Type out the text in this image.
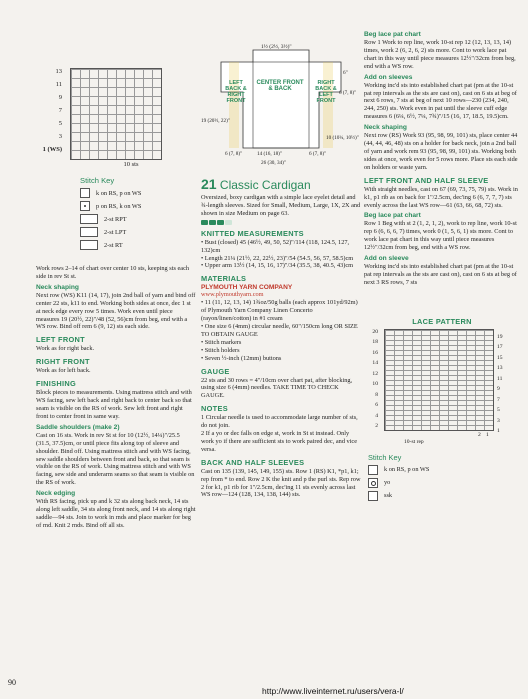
13
11
9
7
5
3
1 (WS)
10 sts
Stitch Key
k on RS, p on WS
p on RS, k on WS
2-st RPT
2-st LPT
2-st RT

Work rows 2–14 of chart over center 10 sts, keeping sts each side in rev St st.

Neck shaping

Next row (WS) K11 (14, 17), join 2nd ball of yarn and bind off center 22 sts, k11 to end. Working both sides at once, dec 1 st at neck edge every row 5 times. Work even until piece measures 19 (20½, 22)"/48 (52, 56)cm from beg, end with a WS row. Bind off rem 6 (9, 12) sts each side.

LEFT FRONT

Work as for right back.

RIGHT FRONT

Work as for left back.

FINISHING

Block pieces to measurements. Using mattress stitch and with WS facing, sew left back and right back to center back so that seam is visible on the RS of work. Sew left front and right front to center front in same way.

Saddle shoulders (make 2)

Cast on 16 sts. Work in rev St st for 10 (12½, 14¼)"/25.5 (31.5, 37.5)cm, or until piece fits along top of sleeve and shoulder. Bind off. Using mattress stitch and with WS facing, sew saddle shoulders between front and back, so that seam is visible on the RS of work. Using mattress stitch and with WS facing, sew side and underarm seams so that seam is visible on the RS of work.

Neck edging

With RS facing, pick up and k 32 sts along back neck, 14 sts along left saddle, 34 sts along front neck, and 14 sts along right saddle—94 sts. Join to work in rnds and place marker for beg of rnd. Knit 2 rnds. Bind off all sts.

1½ (2½, 3½)"
LEFT BACK & RIGHT FRONT
CENTER FRONT & BACK
RIGHT BACK & LEFT FRONT
19 (20½, 22)"
10 (10¼, 10½)"
6"
6 (7, 8)"
6 (7, 8)"	14 (16, 18)"	6 (7, 8)"
26 (30, 34)"
21 Classic Cardigan

Oversized, boxy cardigan with a simple lace eyelet detail and ¾-length sleeves. Sized for Small, Medium, Large, 1X, 2X and shown in size Medium on page 63.

KNITTED MEASUREMENTS

• Bust (closed) 45 (46½, 49, 50, 52)"/114 (118, 124.5, 127, 132)cm

• Length 21¼ (21½, 22, 22½, 23)"/54 (54.5, 56, 57, 58.5)cm

• Upper arm 13½ (14, 15, 16, 17)"/34 (35.5, 38, 40.5, 43)cm

MATERIALS
PLYMOUTH YARN COMPANY
www.plymouthyarn.com

• 11 (11, 12, 13, 14) 1¾oz/50g balls (each approx 101yd/92m) of Plymouth Yarn Company Linen Concerto (rayon/linen/cotton) in #1 cream

• One size 6 (4mm) circular needle, 60"/150cm long OR SIZE TO OBTAIN GAUGE

• Stitch markers

• Stitch holders

• Seven ½-inch (12mm) buttons

GAUGE

22 sts and 30 rows = 4"/10cm over chart pat, after blocking, using size 6 (4mm) needles. TAKE TIME TO CHECK GAUGE.

NOTES

1 Circular needle is used to accommodate large number of sts, do not join.

2 If a yo or dec falls on edge st, work in St st instead. Only work yo if there are sufficient sts to work paired dec, and vice versa.

BACK AND HALF SLEEVES

Cast on 135 (139, 145, 149, 155) sts. Row 1 (RS) K1, *p1, k1; rep from * to end. Row 2 K the knit and p the purl sts. Rep row 2 for k1, p1 rib for 1"/2.5cm, dec'ing 11 sts evenly across last WS row—124 (128, 134, 138, 144) sts.

Beg lace pat chart

Row 1 Work to rep line, work 10-st rep 12 (12, 13, 13, 14) times, work 2 (6, 2, 6, 2) sts more. Cont to work lace pat chart in this way until piece measures 12½"/32cm from beg, end with a WS row.

Add on sleeves

Working inc'd sts into established chart pat (pm at the 10-st pat rep intervals as the sts are cast on), cast on 6 sts at beg of next 6 rows, 7 sts at beg of next 10 rows—230 (234, 240, 244, 250) sts. Work even in pat until the sleeve cuff edge measures 6 (6¼, 6½, 7¼, 7¾)"/15 (16, 17, 18.5, 19.5)cm.

Neck shaping

Next row (RS) Work 93 (95, 98, 99, 101) sts, place center 44 (44, 44, 46, 48) sts on a holder for back neck, join a 2nd ball of yarn and work rem 93 (95, 98, 99, 101) sts. Working both sides at once, work even for 5 rows more. Place sts each side on holders or waste yarn.

LEFT FRONT AND HALF SLEEVE

With straight needles, cast on 67 (69, 73, 75, 79) sts. Work in k1, p1 rib as on back for 1"/2.5cm, dec'ing 6 (6, 7, 7, 7) sts evenly across the last WS row—61 (63, 66, 68, 72) sts.

Beg lace pat chart

Row 1 Beg with st 2 (1, 2, 1, 2), work to rep line, work 10-st rep 6 (6, 6, 6, 7) times, work 0 (1, 5, 6, 1) sts more. Cont to work lace pat chart in this way until piece measures 12½"/32cm from beg, end with a WS row.

Add on sleeve

Working inc'd sts into established chart pat (pm at the 10-st pat rep intervals as the sts are cast on), cast on 6 sts at beg of next 3 RS rows, 7 sts

LACE PATTERN
20
18
16
14
12
10
8
6
4
2
19
17
15
13
11
9
7
5
3
1
2 1
10-st rep
Stitch Key
k on RS, p on WS
yo
ssk
90
http://www.liveinternet.ru/users/vera-l/
